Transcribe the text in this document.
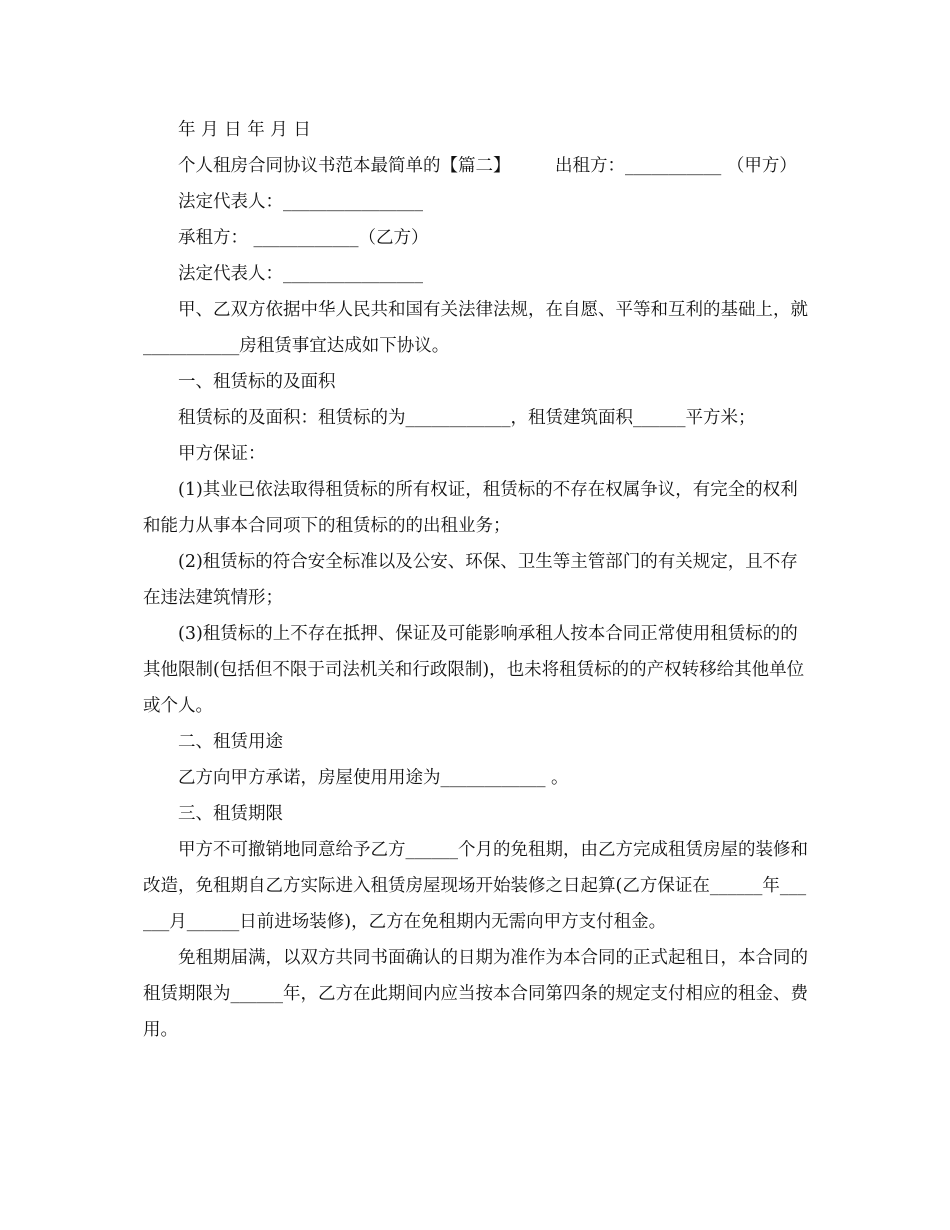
年 月 日 年 月 日

个人租房合同协议书范本最简单的【篇二】        出租方：___________ （甲方）

法定代表人：________________

承租方： ____________（乙方）

法定代表人：________________

甲、乙双方依据中华人民共和国有关法律法规，在自愿、平等和互利的基础上，就___________房租赁事宜达成如下协议。

一、租赁标的及面积

租赁标的及面积：租赁标的为____________，租赁建筑面积______平方米；

甲方保证：

(1)其业已依法取得租赁标的所有权证，租赁标的不存在权属争议，有完全的权利和能力从事本合同项下的租赁标的的出租业务；

(2)租赁标的符合安全标准以及公安、环保、卫生等主管部门的有关规定，且不存在违法建筑情形；

(3)租赁标的上不存在抵押、保证及可能影响承租人按本合同正常使用租赁标的的其他限制(包括但不限于司法机关和行政限制)，也未将租赁标的的产权转移给其他单位或个人。

二、租赁用途

乙方向甲方承诺，房屋使用用途为____________ 。

三、租赁期限

甲方不可撤销地同意给予乙方______个月的免租期，由乙方完成租赁房屋的装修和改造，免租期自乙方实际进入租赁房屋现场开始装修之日起算(乙方保证在______年______月______日前进场装修)，乙方在免租期内无需向甲方支付租金。

免租期届满，以双方共同书面确认的日期为准作为本合同的正式起租日，本合同的租赁期限为______年，乙方在此期间内应当按本合同第四条的规定支付相应的租金、费用。
